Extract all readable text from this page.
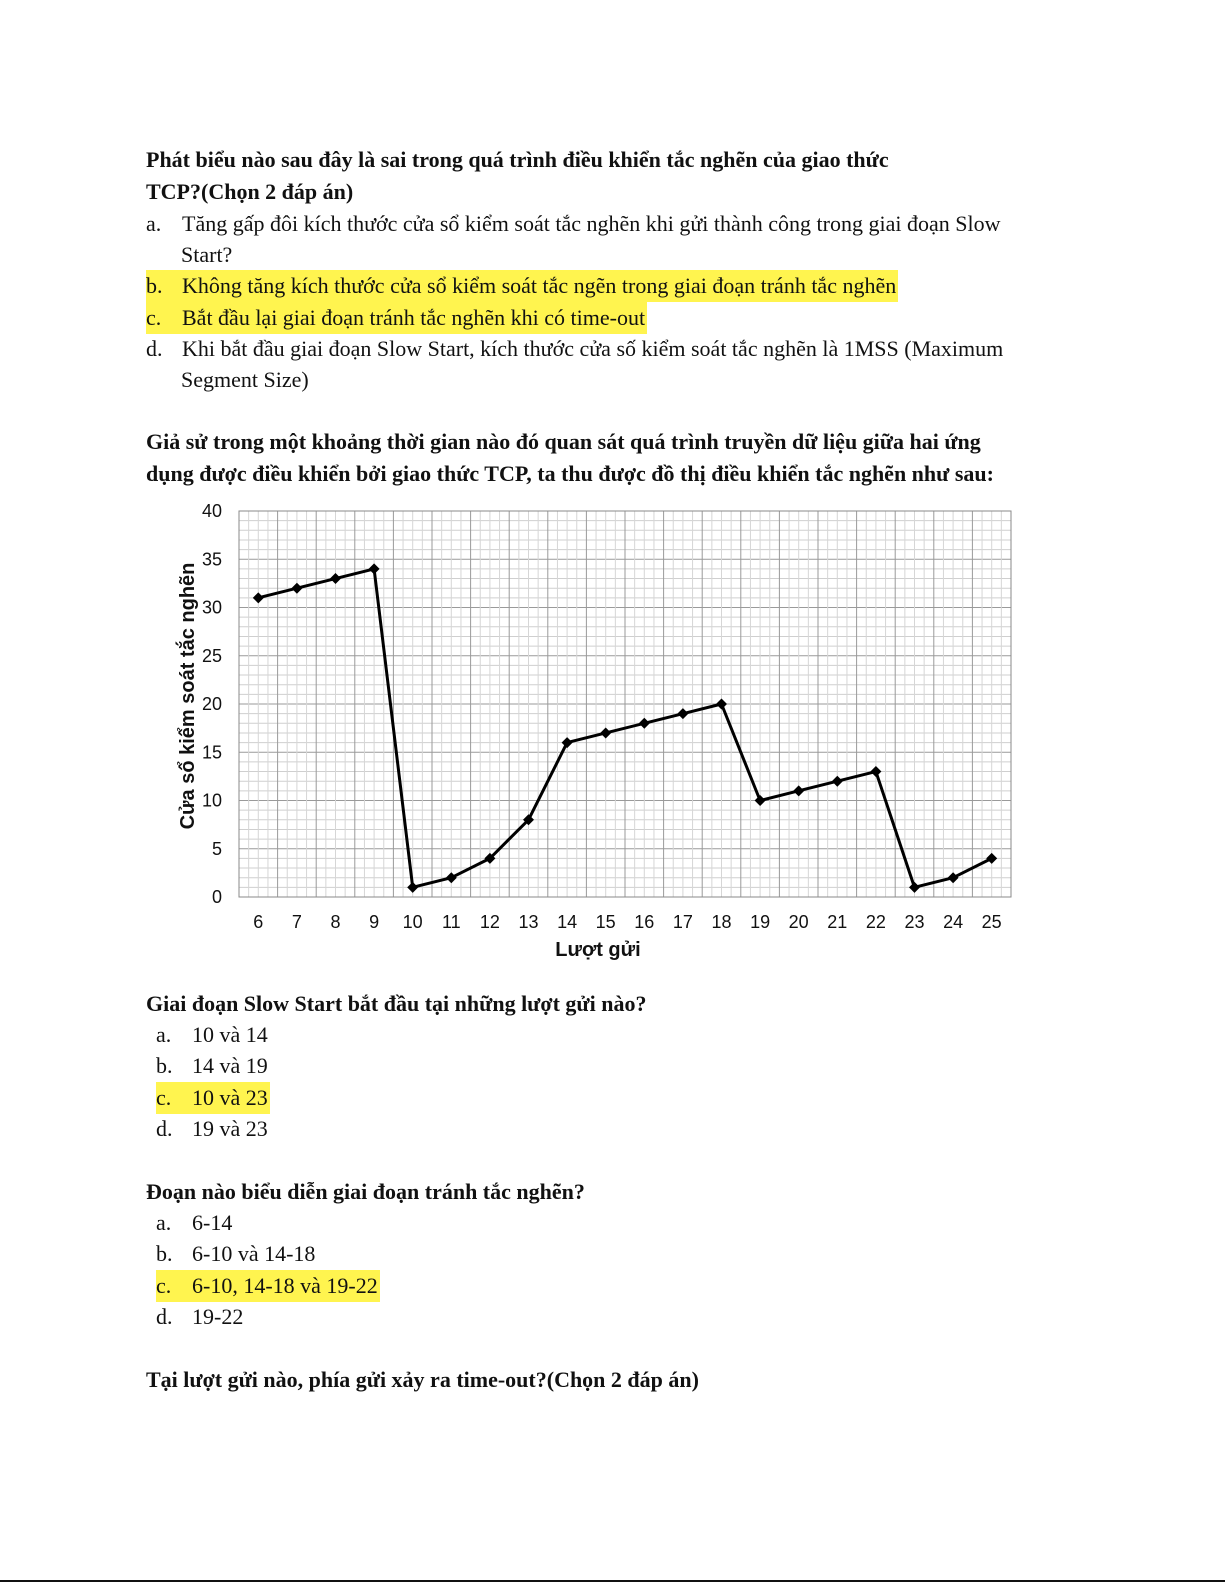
Phát biểu nào sau đây là sai trong quá trình điều khiển tắc nghẽn của giao thức
TCP?(Chọn 2 đáp án)
a. Tăng gấp đôi kích thước cửa sổ kiểm soát tắc nghẽn khi gửi thành công trong giai đoạn Slow
Start?
b. Không tăng kích thước cửa sổ kiểm soát tắc ngẽn trong giai đoạn tránh tắc nghẽn
c. Bắt đầu lại giai đoạn tránh tắc nghẽn khi có time-out
d. Khi bắt đầu giai đoạn Slow Start, kích thước cửa số kiểm soát tắc nghẽn là 1MSS (Maximum
Segment Size)
Giả sử trong một khoảng thời gian nào đó quan sát quá trình truyền dữ liệu giữa hai ứng
dụng được điều khiển bởi giao thức TCP, ta thu được đồ thị điều khiển tắc nghẽn như sau:
0
5
10
15
20
25
30
35
40
6 7 8 9 10 11 12 13 14 15 16 17 18 19 20 21 22 23 24 25
Lượt gửi
Cửa sổ kiểm soát tắc nghẽn
Giai đoạn Slow Start bắt đầu tại những lượt gửi nào?
a. 10 và 14
b. 14 và 19
c. 10 và 23
d. 19 và 23
Đoạn nào biểu diễn giai đoạn tránh tắc nghẽn?
a. 6-14
b. 6-10 và 14-18
c. 6-10, 14-18 và 19-22
d. 19-22
Tại lượt gửi nào, phía gửi xảy ra time-out?(Chọn 2 đáp án)
